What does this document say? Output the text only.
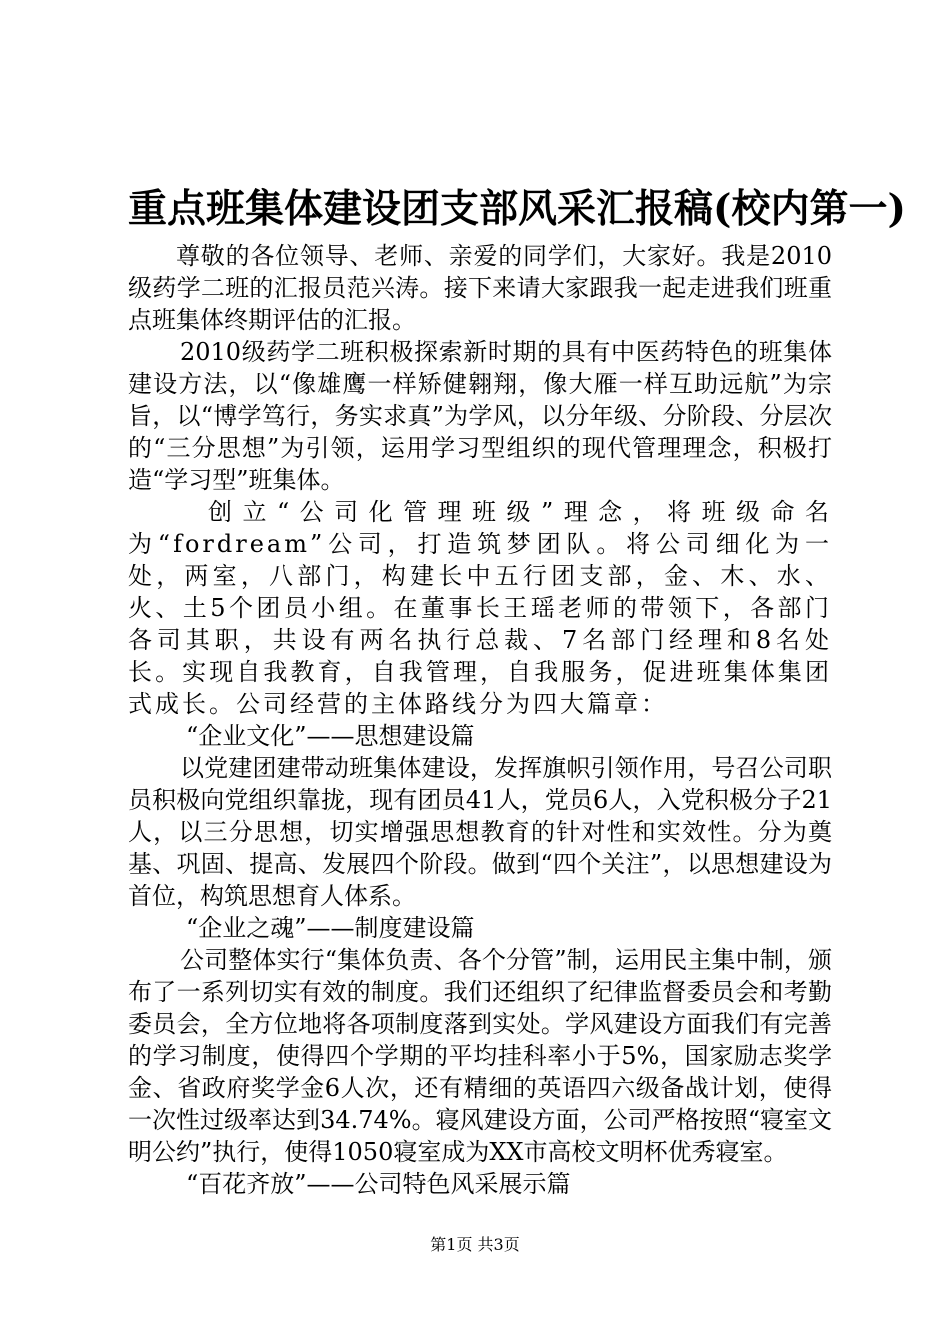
重点班集体建设团支部风采汇报稿(校内第一)

尊敬的各位领导、老师、亲爱的同学们，大家好。我是2010级药学二班的汇报员范兴涛。接下来请大家跟我一起走进我们班重点班集体终期评估的汇报。

2010级药学二班积极探索新时期的具有中医药特色的班集体建设方法，以“像雄鹰一样矫健翱翔，像大雁一样互助远航”为宗旨，以“博学笃行，务实求真”为学风，以分年级、分阶段、分层次的“三分思想”为引领，运用学习型组织的现代管理理念，积极打造“学习型”班集体。

创立“公司化管理班级”理念，将班级命名为“fordream”公司，打造筑梦团队。将公司细化为一处，两室，八部门，构建长中五行团支部，金、木、水、火、土5个团员小组。在董事长王瑶老师的带领下，各部门各司其职，共设有两名执行总裁、7名部门经理和8名处长。实现自我教育，自我管理，自我服务，促进班集体集团式成长。公司经营的主体路线分为四大篇章：

“企业文化”——思想建设篇

以党建团建带动班集体建设，发挥旗帜引领作用，号召公司职员积极向党组织靠拢，现有团员41人，党员6人，入党积极分子21人，以三分思想，切实增强思想教育的针对性和实效性。分为奠基、巩固、提高、发展四个阶段。做到“四个关注”，以思想建设为首位，构筑思想育人体系。

“企业之魂”——制度建设篇

公司整体实行“集体负责、各个分管”制，运用民主集中制，颁布了一系列切实有效的制度。我们还组织了纪律监督委员会和考勤委员会，全方位地将各项制度落到实处。学风建设方面我们有完善的学习制度，使得四个学期的平均挂科率小于5%，国家励志奖学金、省政府奖学金6人次，还有精细的英语四六级备战计划，使得一次性过级率达到34.74%。寝风建设方面，公司严格按照“寝室文明公约”执行，使得1050寝室成为XX市高校文明杯优秀寝室。

“百花齐放”——公司特色风采展示篇

第1页 共3页
